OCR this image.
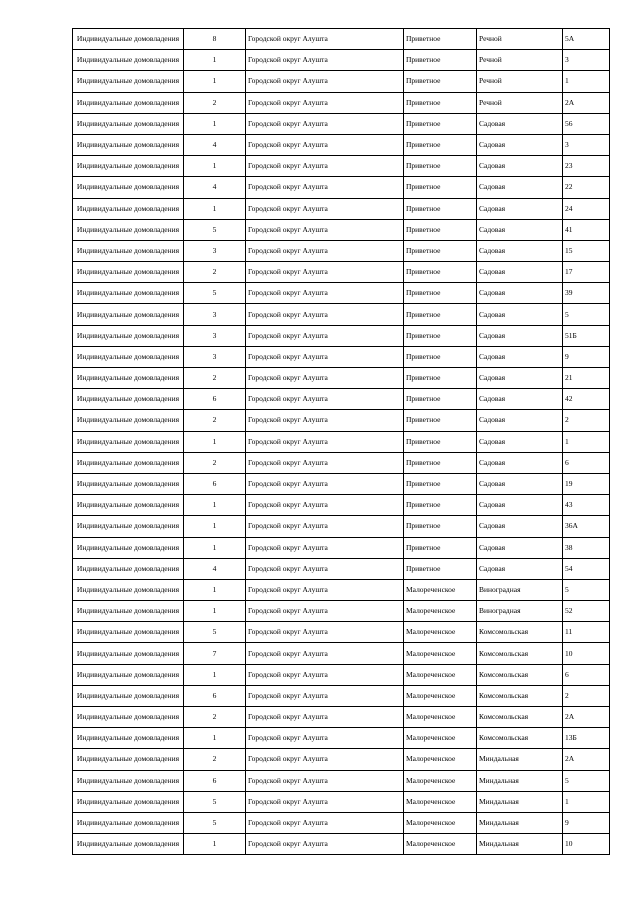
Индивидуальные домовладения	8	Городской округ Алушта	Приветное	Речной	5А
Индивидуальные домовладения	1	Городской округ Алушта	Приветное	Речной	3
Индивидуальные домовладения	1	Городской округ Алушта	Приветное	Речной	1
Индивидуальные домовладения	2	Городской округ Алушта	Приветное	Речной	2А
Индивидуальные домовладения	1	Городской округ Алушта	Приветное	Садовая	56
Индивидуальные домовладения	4	Городской округ Алушта	Приветное	Садовая	3
Индивидуальные домовладения	1	Городской округ Алушта	Приветное	Садовая	23
Индивидуальные домовладения	4	Городской округ Алушта	Приветное	Садовая	22
Индивидуальные домовладения	1	Городской округ Алушта	Приветное	Садовая	24
Индивидуальные домовладения	5	Городской округ Алушта	Приветное	Садовая	41
Индивидуальные домовладения	3	Городской округ Алушта	Приветное	Садовая	15
Индивидуальные домовладения	2	Городской округ Алушта	Приветное	Садовая	17
Индивидуальные домовладения	5	Городской округ Алушта	Приветное	Садовая	39
Индивидуальные домовладения	3	Городской округ Алушта	Приветное	Садовая	5
Индивидуальные домовладения	3	Городской округ Алушта	Приветное	Садовая	51Б
Индивидуальные домовладения	3	Городской округ Алушта	Приветное	Садовая	9
Индивидуальные домовладения	2	Городской округ Алушта	Приветное	Садовая	21
Индивидуальные домовладения	6	Городской округ Алушта	Приветное	Садовая	42
Индивидуальные домовладения	2	Городской округ Алушта	Приветное	Садовая	2
Индивидуальные домовладения	1	Городской округ Алушта	Приветное	Садовая	1
Индивидуальные домовладения	2	Городской округ Алушта	Приветное	Садовая	6
Индивидуальные домовладения	6	Городской округ Алушта	Приветное	Садовая	19
Индивидуальные домовладения	1	Городской округ Алушта	Приветное	Садовая	43
Индивидуальные домовладения	1	Городской округ Алушта	Приветное	Садовая	36А
Индивидуальные домовладения	1	Городской округ Алушта	Приветное	Садовая	38
Индивидуальные домовладения	4	Городской округ Алушта	Приветное	Садовая	54
Индивидуальные домовладения	1	Городской округ Алушта	Малореченское	Виноградная	5
Индивидуальные домовладения	1	Городской округ Алушта	Малореченское	Виноградная	52
Индивидуальные домовладения	5	Городской округ Алушта	Малореченское	Комсомольская	11
Индивидуальные домовладения	7	Городской округ Алушта	Малореченское	Комсомольская	10
Индивидуальные домовладения	1	Городской округ Алушта	Малореченское	Комсомольская	6
Индивидуальные домовладения	6	Городской округ Алушта	Малореченское	Комсомольская	2
Индивидуальные домовладения	2	Городской округ Алушта	Малореченское	Комсомольская	2А
Индивидуальные домовладения	1	Городской округ Алушта	Малореченское	Комсомольская	13Б
Индивидуальные домовладения	2	Городской округ Алушта	Малореченское	Миндальная	2А
Индивидуальные домовладения	6	Городской округ Алушта	Малореченское	Миндальная	5
Индивидуальные домовладения	5	Городской округ Алушта	Малореченское	Миндальная	1
Индивидуальные домовладения	5	Городской округ Алушта	Малореченское	Миндальная	9
Индивидуальные домовладения	1	Городской округ Алушта	Малореченское	Миндальная	10
